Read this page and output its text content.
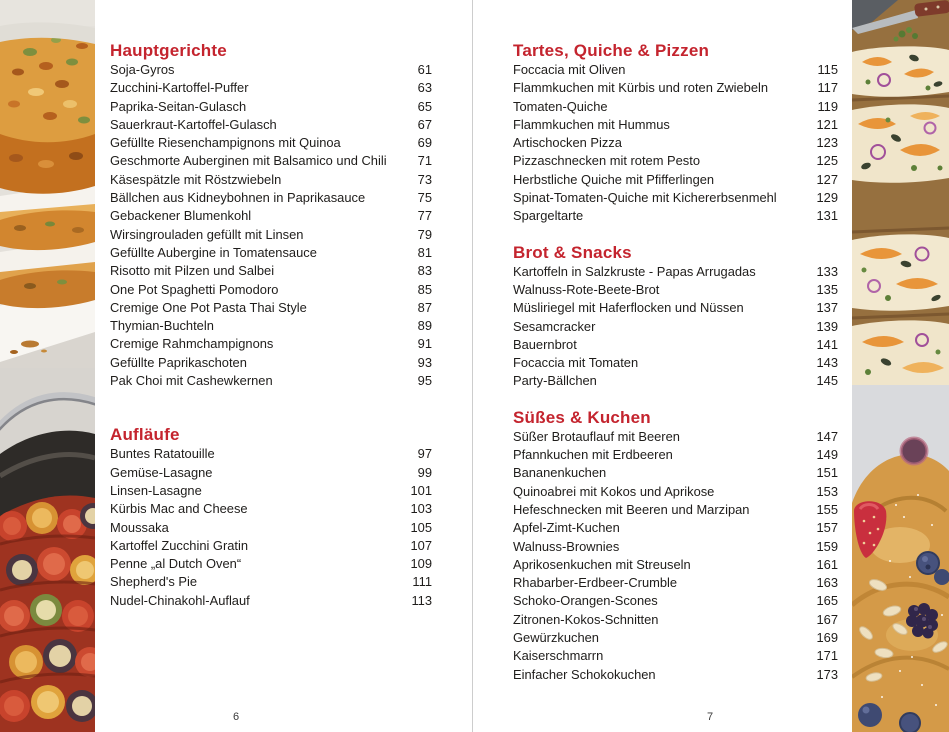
Hauptgerichte
Soja-Gyros	61
Zucchini-Kartoffel-Puffer	63
Paprika-Seitan-Gulasch	65
Sauerkraut-Kartoffel-Gulasch	67
Gefüllte Riesenchampignons mit Quinoa	69
Geschmorte Auberginen mit Balsamico und Chili 71
Käsespätzle mit Röstzwiebeln	73
Bällchen aus Kidneybohnen in Paprikasauce	75
Gebackener Blumenkohl	77
Wirsingrouladen gefüllt mit Linsen	79
Gefüllte Aubergine in Tomatensauce	81
Risotto mit Pilzen und Salbei	83
One Pot Spaghetti Pomodoro	85
Cremige One Pot Pasta Thai Style	87
Thymian-Buchteln	89
Cremige Rahmchampignons	91
Gefüllte Paprikaschoten	93
Pak Choi mit Cashewkernen	95
Aufläufe
Buntes Ratatouille	97
Gemüse-Lasagne	99
Linsen-Lasagne	101
Kürbis Mac and Cheese	103
Moussaka	105
Kartoffel Zucchini Gratin	107
Penne „al Dutch Oven“	109
Shepherd's Pie	111
Nudel-Chinakohl-Auflauf	113
6
Tartes, Quiche & Pizzen
Foccacia mit Oliven	115
Flammkuchen mit Kürbis und roten Zwiebeln	117
Tomaten-Quiche	119
Flammkuchen mit Hummus	121
Artischocken Pizza	123
Pizzaschnecken mit rotem Pesto	125
Herbstliche Quiche mit Pfifferlingen	127
Spinat-Tomaten-Quiche mit Kichererbsenmehl	129
Spargeltarte	131
Brot & Snacks
Kartoffeln in Salzkruste - Papas Arrugadas	133
Walnuss-Rote-Beete-Brot	135
Müsliriegel mit Haferflocken und Nüssen	137
Sesamcracker	139
Bauernbrot	141
Focaccia mit Tomaten	143
Party-Bällchen	145
Süßes & Kuchen
Süßer Brotauflauf mit Beeren	147
Pfannkuchen mit Erdbeeren	149
Bananenkuchen	151
Quinoabrei mit Kokos und Aprikose	153
Hefeschnecken mit Beeren und Marzipan	155
Apfel-Zimt-Kuchen	157
Walnuss-Brownies	159
Aprikosenkuchen mit Streuseln	161
Rhabarber-Erdbeer-Crumble	163
Schoko-Orangen-Scones	165
Zitronen-Kokos-Schnitten	167
Gewürzkuchen	169
Kaiserschmarrn	171
Einfacher Schokokuchen	173
7
